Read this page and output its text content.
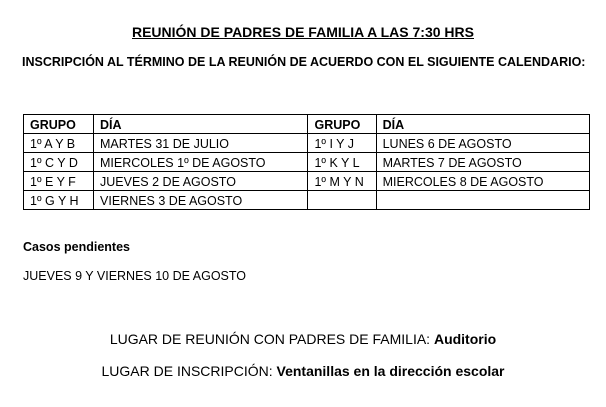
REUNIÓN DE PADRES DE FAMILIA A LAS 7:30 HRS
INSCRIPCIÓN AL TÉRMINO DE LA REUNIÓN DE ACUERDO CON EL SIGUIENTE CALENDARIO:
GRUPO	DÍA	GRUPO	DÍA
1º A Y B	MARTES 31 DE JULIO	1º I Y J	LUNES 6 DE AGOSTO
1º C Y D	MIERCOLES 1º DE AGOSTO	1º K Y L	MARTES 7 DE AGOSTO
1º E Y F	JUEVES 2 DE AGOSTO	1º M Y N	MIERCOLES 8 DE AGOSTO
1º G Y H	VIERNES 3 DE AGOSTO		
Casos pendientes
JUEVES 9 Y VIERNES 10 DE AGOSTO
LUGAR DE REUNIÓN CON PADRES DE FAMILIA: Auditorio
LUGAR DE INSCRIPCIÓN: Ventanillas en la dirección escolar
